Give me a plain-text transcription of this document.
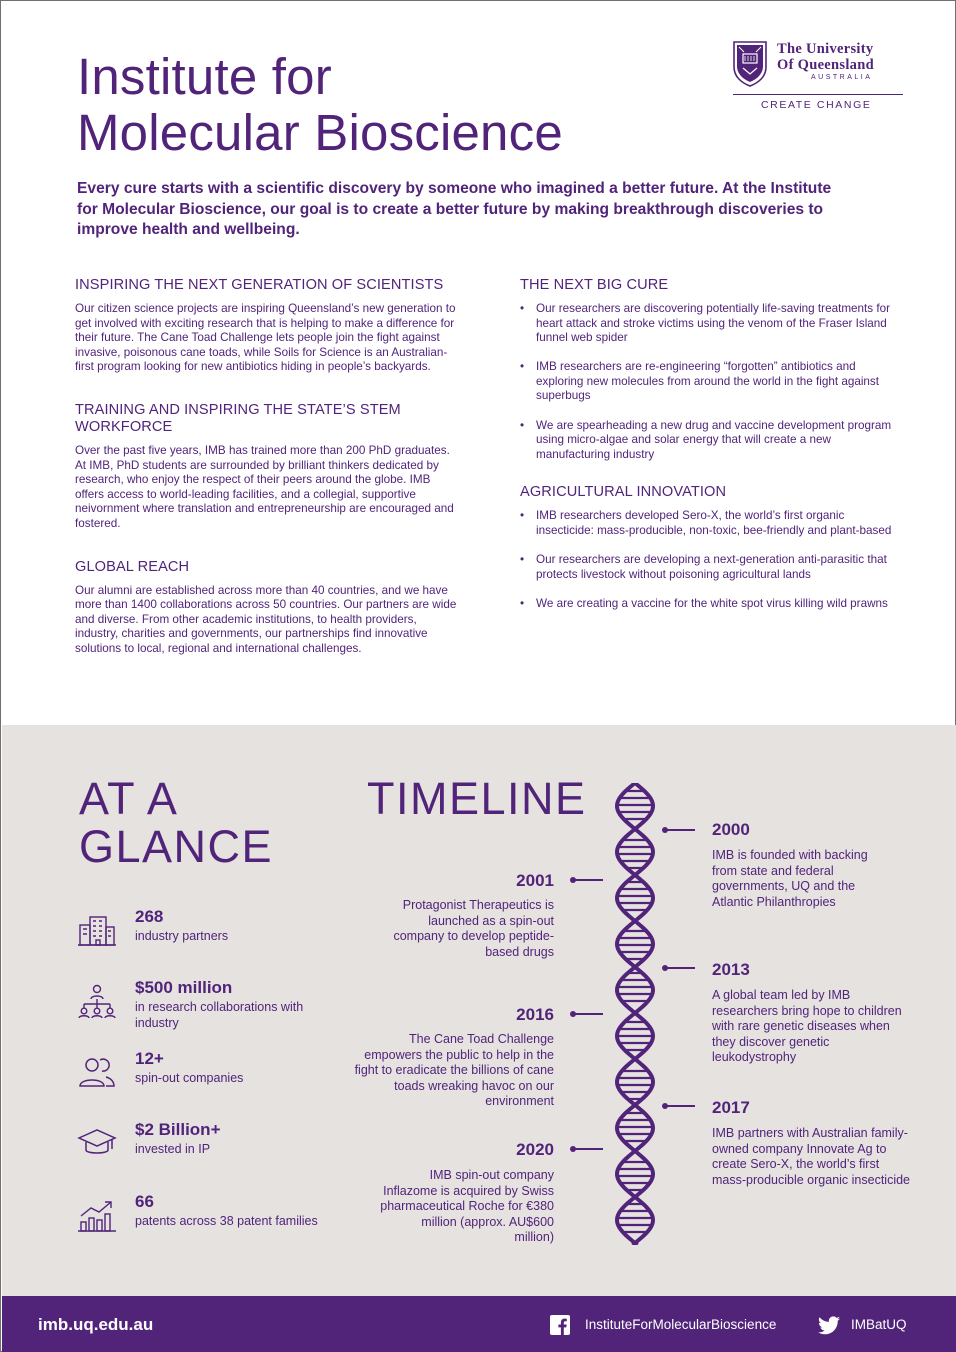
Institute for
Molecular Bioscience
The University
Of Queensland
AUSTRALIA
CREATE CHANGE

Every cure starts with a scientific discovery by someone who imagined a better future. At the Institute for Molecular Bioscience, our goal is to create a better future by making breakthrough discoveries to improve health and wellbeing.

INSPIRING THE NEXT GENERATION OF SCIENTISTS

Our citizen science projects are inspiring Queensland’s new generation to get involved with exciting research that is helping to make a difference for their future. The Cane Toad Challenge lets people join the fight against invasive, poisonous cane toads, while Soils for Science is an Australian-first program looking for new antibiotics hiding in people’s backyards.

TRAINING AND INSPIRING THE STATE’S STEM WORKFORCE

Over the past five years, IMB has trained more than 200 PhD graduates. At IMB, PhD students are surrounded by brilliant thinkers dedicated by research, who enjoy the respect of their peers around the globe. IMB offers access to world-leading facilities, and a collegial, supportive neivornment where translation and entrepreneurship are encouraged and fostered.

GLOBAL REACH

Our alumni are established across more than 40 countries, and we have more than 1400 collaborations across 50 countries. Our partners are wide and diverse. From other academic institutions, to health providers, industry, charities and governments, our partnerships find innovative solutions to local, regional and international challenges.

THE NEXT BIG CURE
• Our researchers are discovering potentially life-saving treatments for heart attack and stroke victims using the venom of the Fraser Island funnel web spider
• IMB researchers are re-engineering “forgotten” antibiotics and exploring new molecules from around the world in the fight against superbugs
• We are spearheading a new drug and vaccine development program using micro-algae and solar energy that will create a new manufacturing industry
AGRICULTURAL INNOVATION
• IMB researchers developed Sero-X, the world’s first organic insecticide: mass-producible, non-toxic, bee-friendly and plant-based
• Our researchers are developing a next-generation anti-parasitic that protects livestock without poisoning agricultural lands
• We are creating a vaccine for the white spot virus killing wild prawns
AT A
GLANCE
268
industry partners
$500 million
in research collaborations with industry
12+
spin-out companies
$2 Billion+
invested in IP
66
patents across 38 patent families
TIMELINE
2000
IMB is founded with backing from state and federal governments, UQ and the Atlantic Philanthropies
2013
A global team led by IMB researchers bring hope to children with rare genetic diseases when they discover genetic leukodystrophy
2017
IMB partners with Australian family-owned company Innovate Ag to create Sero-X, the world’s first mass-producible organic insecticide
2001
Protagonist Therapeutics is launched as a spin-out company to develop peptide-based drugs
2016
The Cane Toad Challenge empowers the public to help in the fight to eradicate the billions of cane toads wreaking havoc on our environment
2020
IMB spin-out company Inflazome is acquired by Swiss pharmaceutical Roche for €380 million (approx. AU$600 million)
imb.uq.edu.au	InstituteForMolecularBioscience	IMBatUQ
